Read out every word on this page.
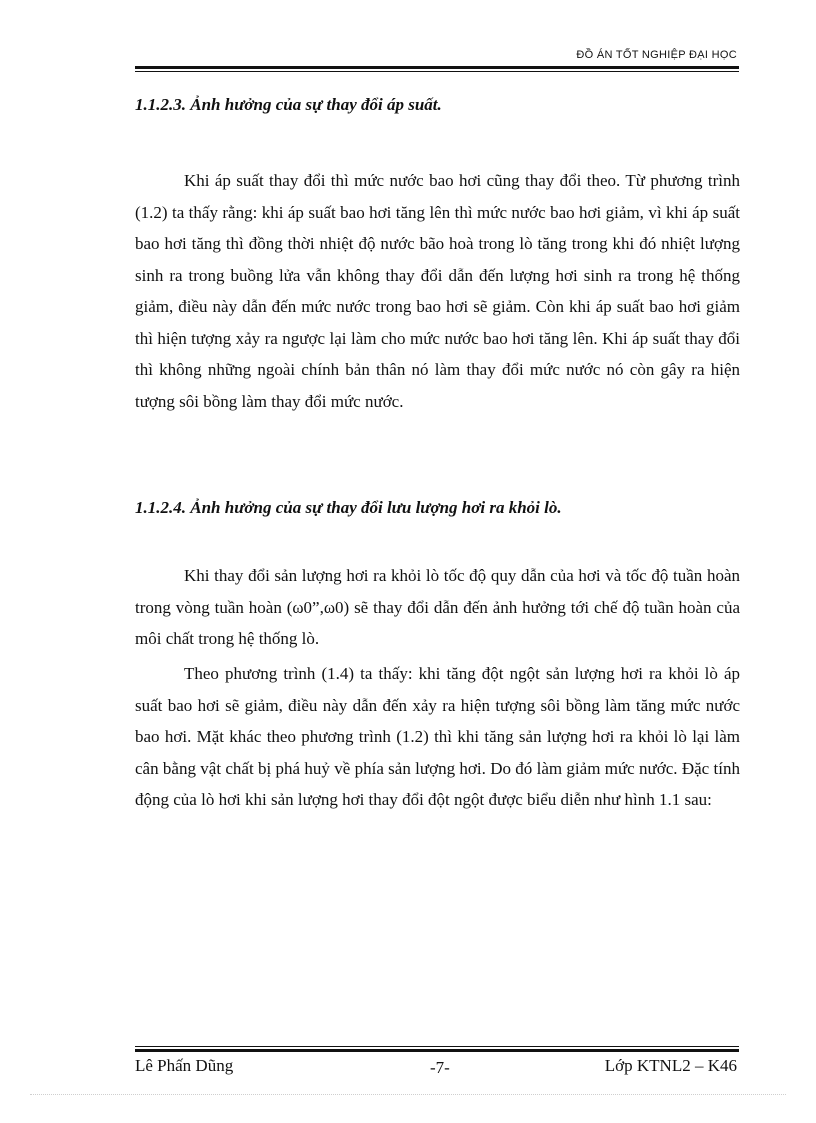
ĐỒ ÁN TỐT NGHIỆP ĐẠI HỌC
1.1.2.3. Ảnh hưởng của sự thay đổi áp suất.

Khi áp suất thay đổi thì mức nước bao hơi cũng thay đổi theo. Từ phương trình (1.2) ta thấy rằng: khi áp suất bao hơi tăng lên thì mức nước bao hơi giảm, vì khi áp suất bao hơi tăng thì đồng thời nhiệt độ nước bão hoà trong lò tăng trong khi đó nhiệt lượng sinh ra trong buồng lửa vẫn không thay đổi dẫn đến lượng hơi sinh ra trong hệ thống giảm, điều này dẫn đến mức nước trong bao hơi sẽ giảm. Còn khi áp suất bao hơi giảm thì hiện tượng xảy ra ngược lại làm cho mức nước bao hơi tăng lên. Khi áp suất thay đổi thì không những ngoài chính bản thân nó làm thay đổi mức nước nó còn gây ra hiện tượng sôi bồng làm thay đổi mức nước.

1.1.2.4. Ảnh hưởng của sự thay đổi lưu lượng hơi ra khỏi lò.

Khi thay đổi sản lượng hơi ra khỏi lò tốc độ quy dẫn của hơi và tốc độ tuần hoàn trong vòng tuần hoàn (ω0”,ω0) sẽ thay đổi dẫn đến ảnh hưởng tới chế độ tuần hoàn của môi chất trong hệ thống lò.

Theo phương trình (1.4) ta thấy: khi tăng đột ngột sản lượng hơi ra khỏi lò áp suất bao hơi sẽ giảm, điều này dẫn đến xảy ra hiện tượng sôi bồng làm tăng mức nước bao hơi. Mặt khác theo phương trình (1.2) thì khi tăng sản lượng hơi ra khỏi lò lại làm cân bằng vật chất bị phá huỷ về phía sản lượng hơi. Do đó làm giảm mức nước. Đặc tính động của lò hơi khi sản lượng hơi thay đổi đột ngột được biểu diễn như hình 1.1 sau:

Lê Phấn Dũng	-7-	Lớp KTNL2 – K46
